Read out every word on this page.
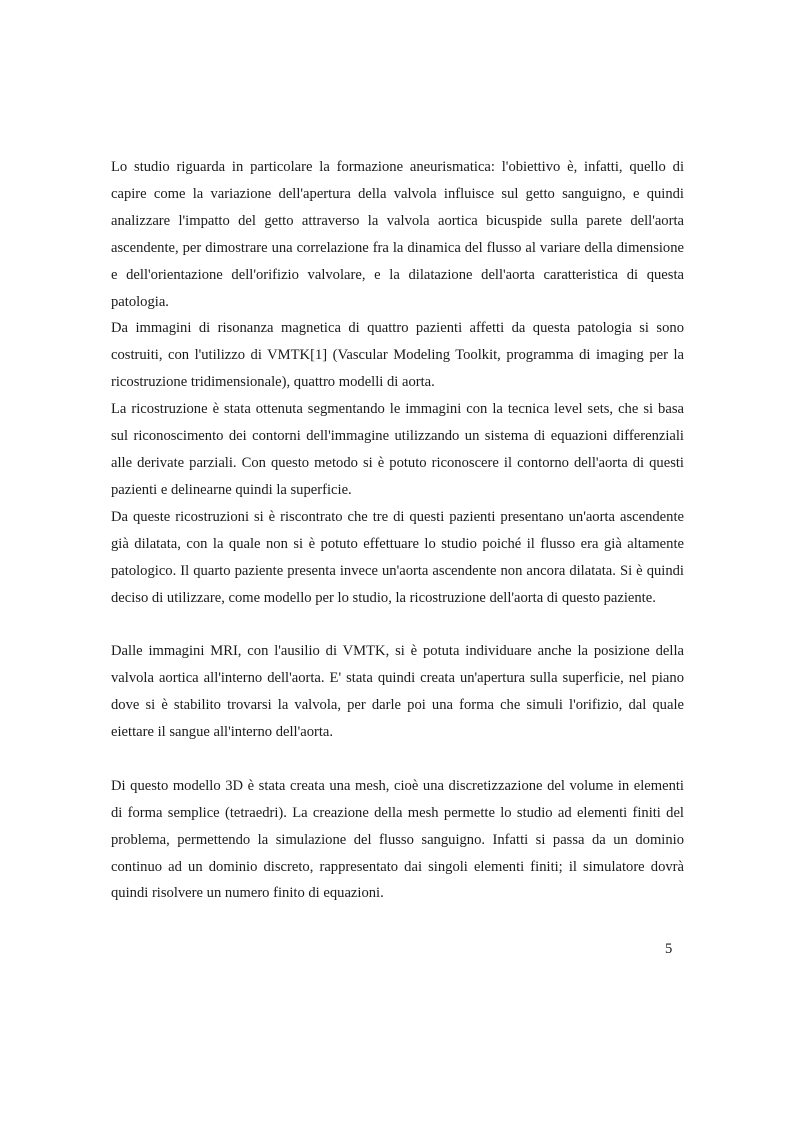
Lo studio riguarda in particolare la formazione aneurismatica: l'obiettivo è, infatti, quello di capire come la variazione dell'apertura della valvola influisce sul getto sanguigno, e quindi analizzare l'impatto del getto attraverso la valvola aortica bicuspide sulla parete dell'aorta ascendente, per dimostrare una correlazione fra la dinamica del flusso al variare della dimensione e dell'orientazione dell'orifizio valvolare, e la dilatazione dell'aorta caratteristica di questa patologia.

Da immagini di risonanza magnetica di quattro pazienti affetti da questa patologia si sono costruiti, con l'utilizzo di VMTK[1] (Vascular Modeling Toolkit, programma di imaging per la ricostruzione tridimensionale), quattro modelli di aorta.

La ricostruzione è stata ottenuta segmentando le immagini con la tecnica level sets, che si basa sul riconoscimento dei contorni dell'immagine utilizzando un sistema di equazioni differenziali alle derivate parziali. Con questo metodo si è potuto riconoscere il contorno dell'aorta di questi pazienti e delinearne quindi la superficie.

Da queste ricostruzioni si è riscontrato che tre di questi pazienti presentano un'aorta ascendente già dilatata, con la quale non si è potuto effettuare lo studio poiché il flusso era già altamente patologico. Il quarto paziente presenta invece un'aorta ascendente non ancora dilatata. Si è quindi deciso di utilizzare, come modello per lo studio, la ricostruzione dell'aorta di questo paziente.

Dalle immagini MRI, con l'ausilio di VMTK, si è potuta individuare anche la posizione della valvola aortica all'interno dell'aorta. E' stata quindi creata un'apertura sulla superficie, nel piano dove si è stabilito trovarsi la valvola, per darle poi una forma che simuli l'orifizio, dal quale eiettare il sangue all'interno dell'aorta.

Di questo modello 3D è stata creata una mesh, cioè una discretizzazione del volume in elementi di forma semplice (tetraedri). La creazione della mesh permette lo studio ad elementi finiti del problema, permettendo la simulazione del flusso sanguigno. Infatti si passa da un dominio continuo ad un dominio discreto, rappresentato dai singoli elementi finiti; il simulatore dovrà quindi risolvere un numero finito di equazioni.

5
